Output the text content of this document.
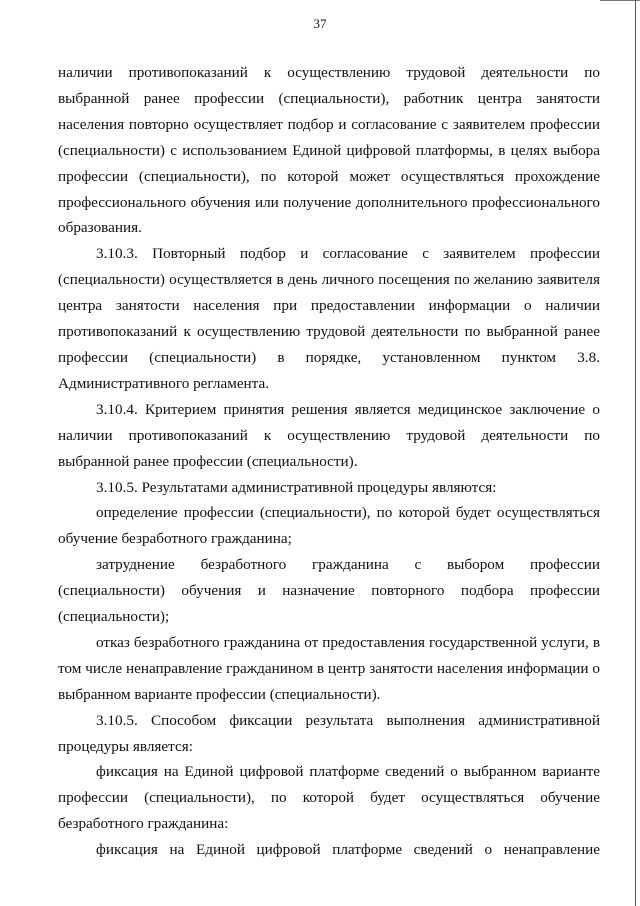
37

наличии противопоказаний к осуществлению трудовой деятельности по выбранной ранее профессии (специальности), работник центра занятости населения повторно осуществляет подбор и согласование с заявителем профессии (специальности) с использованием Единой цифровой платформы, в целях выбора профессии (специальности), по которой может осуществляться прохождение профессионального обучения или получение дополнительного профессионального образования.

3.10.3. Повторный подбор и согласование с заявителем профессии (специальности) осуществляется в день личного посещения по желанию заявителя центра занятости населения при предоставлении информации о наличии противопоказаний к осуществлению трудовой деятельности по выбранной ранее профессии (специальности) в порядке, установленном пунктом 3.8. Административного регламента.

3.10.4. Критерием принятия решения является медицинское заключение о наличии противопоказаний к осуществлению трудовой деятельности по выбранной ранее профессии (специальности).

3.10.5. Результатами административной процедуры являются:

определение профессии (специальности), по которой будет осуществляться обучение безработного гражданина;

затруднение безработного гражданина с выбором профессии (специальности) обучения и назначение повторного подбора профессии (специальности);

отказ безработного гражданина от предоставления государственной услуги, в том числе ненаправление гражданином в центр занятости населения информации о выбранном варианте профессии (специальности).

3.10.5. Способом фиксации результата выполнения административной процедуры является:

фиксация на Единой цифровой платформе сведений о выбранном варианте профессии (специальности), по которой будет осуществляться обучение безработного гражданина:

фиксация на Единой цифровой платформе сведений о ненаправление
